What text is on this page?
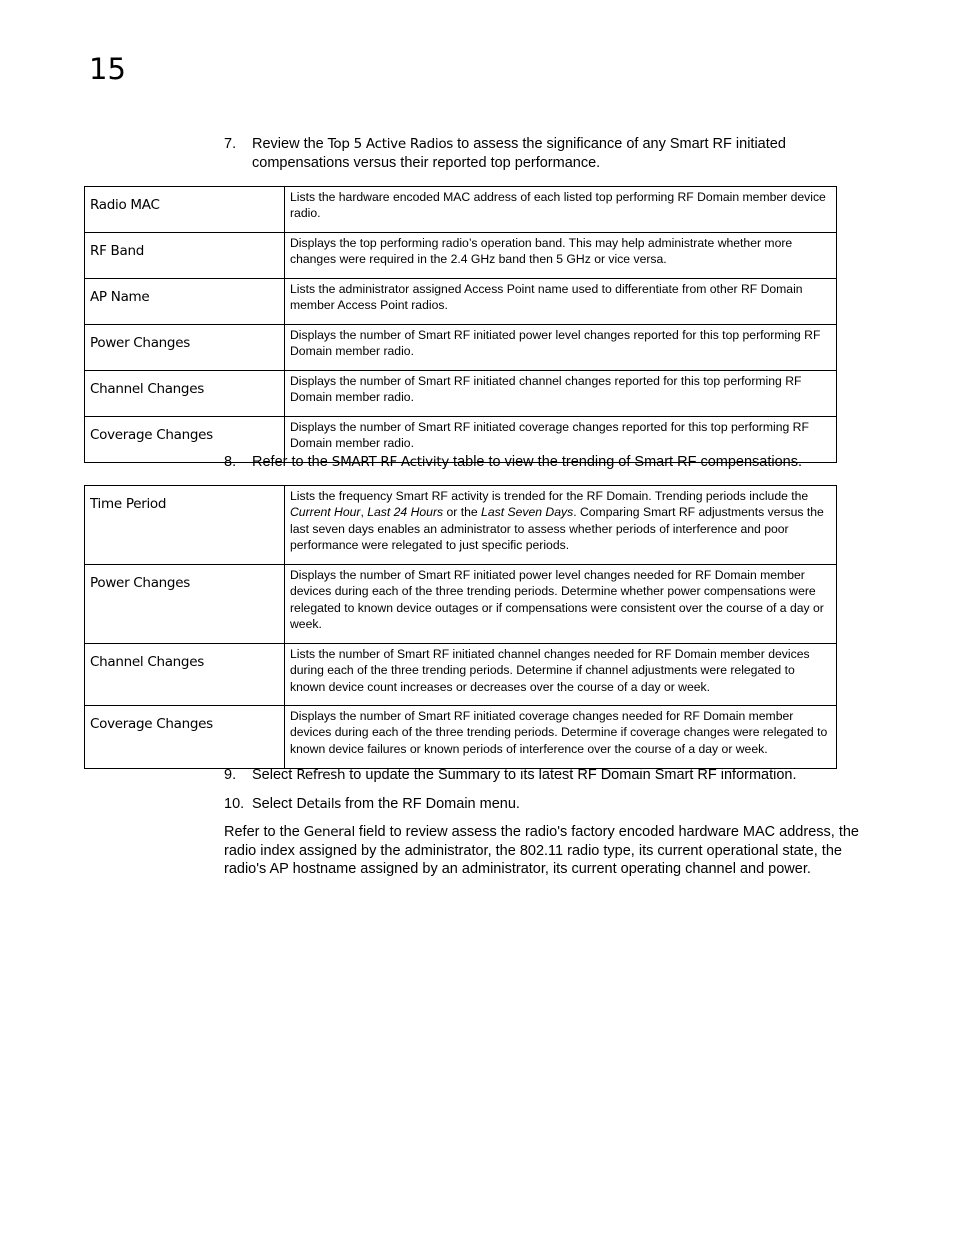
15
7. Review the Top 5 Active Radios to assess the significance of any Smart RF initiated compensations versus their reported top performance.
Radio MAC	Lists the hardware encoded MAC address of each listed top performing RF Domain member device radio.
RF Band	Displays the top performing radio’s operation band. This may help administrate whether more changes were required in the 2.4 GHz band then 5 GHz or vice versa.
AP Name	Lists the administrator assigned Access Point name used to differentiate from other RF Domain member Access Point radios.
Power Changes	Displays the number of Smart RF initiated power level changes reported for this top performing RF Domain member radio.
Channel Changes	Displays the number of Smart RF initiated channel changes reported for this top performing RF Domain member radio.
Coverage Changes	Displays the number of Smart RF initiated coverage changes reported for this top performing RF Domain member radio.
8. Refer to the SMART RF Activity table to view the trending of Smart RF compensations.
Time Period	Lists the frequency Smart RF activity is trended for the RF Domain. Trending periods include the Current Hour, Last 24 Hours or the Last Seven Days. Comparing Smart RF adjustments versus the last seven days enables an administrator to assess whether periods of interference and poor performance were relegated to just specific periods.
Power Changes	Displays the number of Smart RF initiated power level changes needed for RF Domain member devices during each of the three trending periods. Determine whether power compensations were relegated to known device outages or if compensations were consistent over the course of a day or week.
Channel Changes	Lists the number of Smart RF initiated channel changes needed for RF Domain member devices during each of the three trending periods. Determine if channel adjustments were relegated to known device count increases or decreases over the course of a day or week.
Coverage Changes	Displays the number of Smart RF initiated coverage changes needed for RF Domain member devices during each of the three trending periods. Determine if coverage changes were relegated to known device failures or known periods of interference over the course of a day or week.
9. Select Refresh to update the Summary to its latest RF Domain Smart RF information.
10. Select Details from the RF Domain menu.
Refer to the General field to review assess the radio's factory encoded hardware MAC address, the radio index assigned by the administrator, the 802.11 radio type, its current operational state, the radio's AP hostname assigned by an administrator, its current operating channel and power.
